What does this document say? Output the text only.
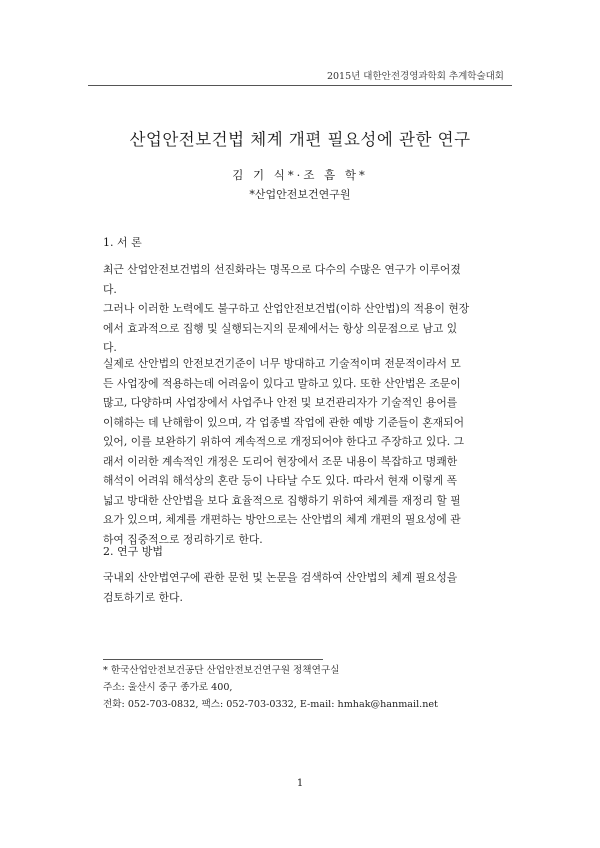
2015년 대한안전경영과학회 추계학술대회
산업안전보건법 체계 개편 필요성에 관한 연구
김 기 식*·조 흠 학*
*산업안전보건연구원
1. 서 론
최근 산업안전보건법의 선진화라는 명목으로 다수의 수많은 연구가 이루어졌
다.
그러나 이러한 노력에도 불구하고 산업안전보건법(이하 산안법)의 적용이 현장
에서 효과적으로 집행 및 실행되는지의 문제에서는 항상 의문점으로 남고 있
다.
실제로 산안법의 안전보건기준이 너무 방대하고 기술적이며 전문적이라서 모
든 사업장에 적용하는데 어려움이 있다고 말하고 있다. 또한 산안법은 조문이
많고, 다양하며 사업장에서 사업주나 안전 및 보건관리자가 기술적인 용어를
이해하는 데 난해함이 있으며, 각 업종별 작업에 관한 예방 기준들이 혼재되어
있어, 이를 보완하기 위하여 계속적으로 개정되어야 한다고 주장하고 있다. 그
래서 이러한 계속적인 개정은 도리어 현장에서 조문 내용이 복잡하고 명쾌한
해석이 어려워 해석상의 혼란 등이 나타날 수도 있다. 따라서 현재 이렇게 폭
넓고 방대한 산안법을 보다 효율적으로 집행하기 위하여 체계를 재정리 할 필
요가 있으며, 체계를 개편하는 방안으로는 산안법의 체계 개편의 필요성에 관
하여 집중적으로 정리하기로 한다.
2. 연구 방법
국내외 산안법연구에 관한 문헌 및 논문을 검색하여 산안법의 체계 필요성을
검토하기로 한다.
* 한국산업안전보건공단 산업안전보건연구원 정책연구실
주소: 울산시 중구 종가로 400,
전화: 052-703-0832, 팩스: 052-703-0332, E-mail: hmhak@hanmail.net
1
